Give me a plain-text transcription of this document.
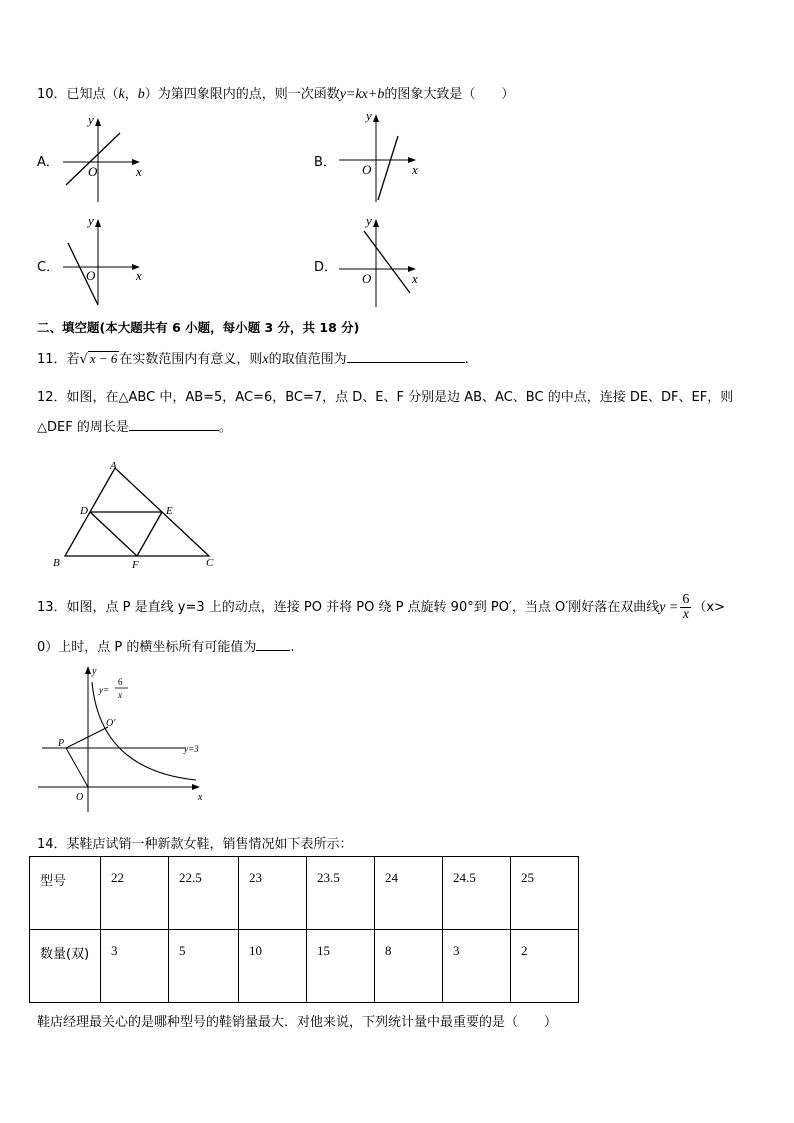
10．已知点（k，b）为第四象限内的点，则一次函数y=kx+b的图象大致是（　　）
A．
y
x
O
B．
y
x
O
C．
y
x
O
D．
y
x
O
二、填空题(本大题共有 6 小题，每小题 3 分，共 18 分)
11．若√ x − 6 在实数范围内有意义，则x的取值范围为	.
12．如图，在△ABC 中，AB=5，AC=6，BC=7，点 D、E、F 分别是边 AB、AC、BC 的中点，连接 DE、DF、EF，则
△DEF 的周长是	。
A
B	C
D	E
F
13．如图，点 P 是直线 y=3 上的动点，连接 PO 并将 PO 绕 P 点旋转 90°到 PO′，当点 O′刚好落在双曲线$y = \frac{6}{x} (x>$
0）上时，点 P 的横坐标所有可能值为	.
y
x
O
y=
6
x
P
O′
y=3
14．某鞋店试销一种新款女鞋，销售情况如下表所示：
型号	22	22.5	23	23.5	24	24.5	25
数量(双)	3	5	10	15	8	3	2
鞋店经理最关心的是哪种型号的鞋销量最大．对他来说，下列统计量中最重要的是（　　）
